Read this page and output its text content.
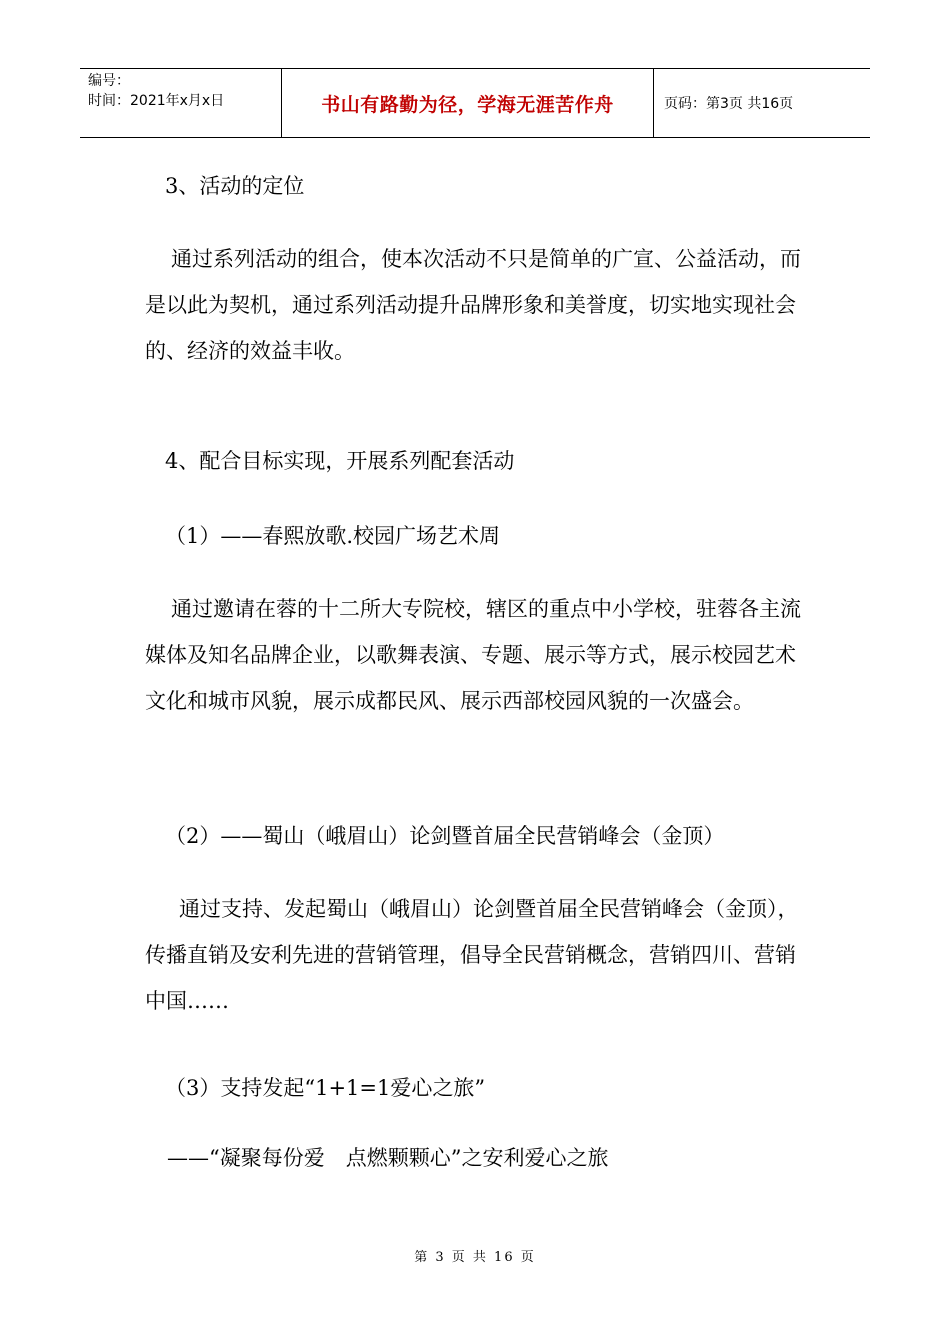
编号：
时间：2021年x月x日	书山有路勤为径，学海无涯苦作舟	页码：第3页 共16页
3、活动的定位
通过系列活动的组合，使本次活动不只是简单的广宣、公益活动，而是以此为契机，通过系列活动提升品牌形象和美誉度，切实地实现社会的、经济的效益丰收。
4、配合目标实现，开展系列配套活动
（1）——春熙放歌.校园广场艺术周
通过邀请在蓉的十二所大专院校，辖区的重点中小学校，驻蓉各主流媒体及知名品牌企业，以歌舞表演、专题、展示等方式，展示校园艺术文化和城市风貌，展示成都民风、展示西部校园风貌的一次盛会。
（2）——蜀山（峨眉山）论剑暨首届全民营销峰会（金顶）
通过支持、发起蜀山（峨眉山）论剑暨首届全民营销峰会（金顶），传播直销及安利先进的营销管理，倡导全民营销概念，营销四川、营销中国……
（3）支持发起“1+1=1爱心之旅”
——“凝聚每份爱　点燃颗颗心”之安利爱心之旅
第 3 页 共 16 页
